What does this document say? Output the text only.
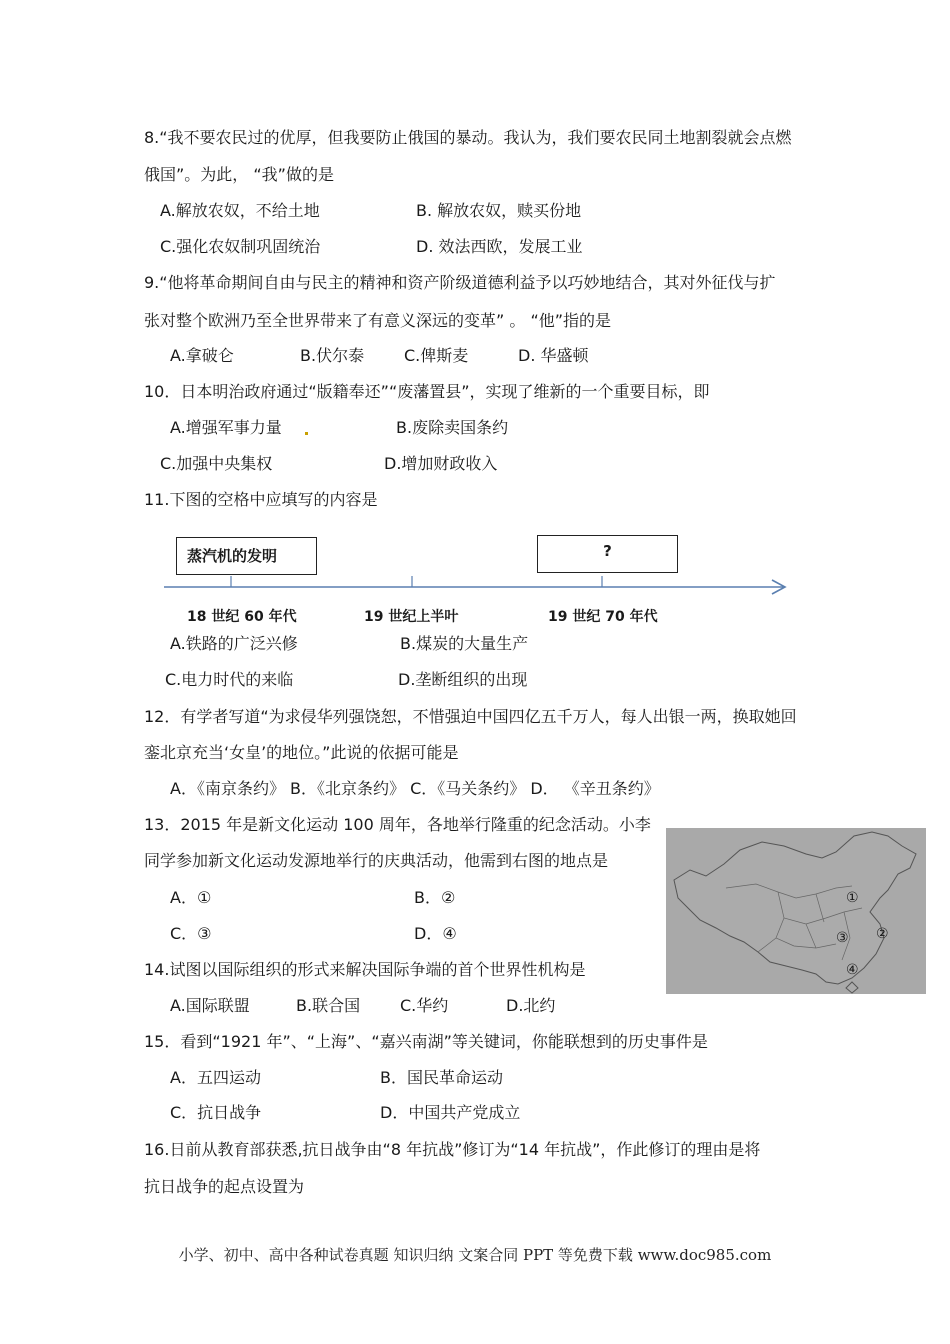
8.“我不要农民过的优厚，但我要防止俄国的暴动。我认为，我们要农民同土地割裂就会点燃
俄国”。为此， “我”做的是
A.解放农奴，不给土地	B. 解放农奴，赎买份地
C.强化农奴制巩固统治	D. 效法西欧，发展工业
9.“他将革命期间自由与民主的精神和资产阶级道德利益予以巧妙地结合，其对外征伐与扩
张对整个欧洲乃至全世界带来了有意义深远的变革” 。 “他”指的是
A.拿破仑	B.伏尔泰 C.俾斯麦	D. 华盛顿
10．日本明治政府通过“版籍奉还”“废藩置县”，实现了维新的一个重要目标，即
A.增强军事力量	B.废除卖国条约
C.加强中央集权	D.增加财政收入
11.下图的空格中应填写的内容是
蒸汽机的发明	?
18 世纪 60 年代	19 世纪上半叶	19 世纪 70 年代
A.铁路的广泛兴修	B.煤炭的大量生产
C.电力时代的来临	D.垄断组织的出现
12．有学者写道“为求侵华列强饶恕，不惜强迫中国四亿五千万人，每人出银一两，换取她回
銮北京充当‘女皇’的地位。”此说的依据可能是
A．《南京条约》 B．《北京条约》 C．《马关条约》 D． 《辛丑条约》
13．2015 年是新文化运动 100 周年，各地举行隆重的纪念活动。小李
同学参加新文化运动发源地举行的庆典活动，他需到右图的地点是
A．①	B．②
C．③	D．④
①
②
③
④
14.试图以国际组织的形式来解决国际争端的首个世界性机构是
A.国际联盟	B.联合国 C.华约	D.北约
15．看到“1921 年”、“上海”、“嘉兴南湖”等关键词，你能联想到的历史事件是
A．五四运动	B．国民革命运动
C．抗日战争	D．中国共产党成立
16.日前从教育部获悉,抗日战争由“8 年抗战”修订为“14 年抗战”，作此修订的理由是将
抗日战争的起点设置为
小学、初中、高中各种试卷真题 知识归纳 文案合同 PPT 等免费下载 www.doc985.com
